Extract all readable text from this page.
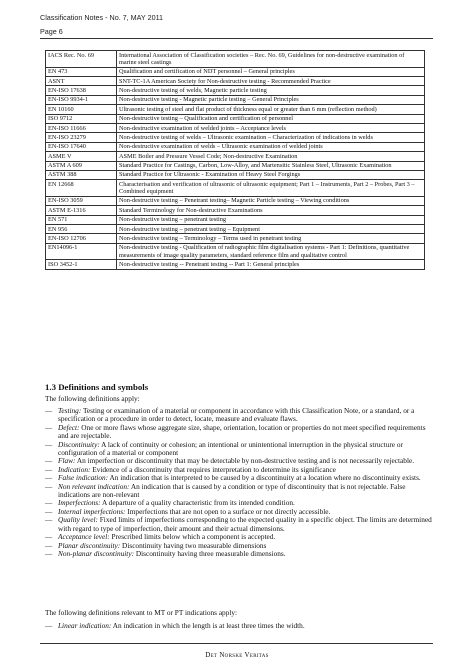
Classification Notes - No. 7, MAY 2011
Page 6
IACS Rec. No. 69	International Association of Classification societies – Rec. No. 69, Guidelines for non-destructive examination of marine steel castings
EN 473	Qualification and certification of NDT personnel – General principles
ASNT	SNT-TC-1A American Society for Non-destructive testing - Recommended Practice
EN-ISO 17638	Non-destructive testing of welds, Magnetic particle testing
EN-ISO 9934-1	Non-destructive testing - Magnetic particle testing – General Principles
EN 10160	Ultrasonic testing of steel and flat product of thickness equal or greater than 6 mm (reflection method)
ISO 9712	Non-destructive testing – Qualification and certification of personnel
EN-ISO 11666	Non-destructive examination of welded joints – Acceptance levels
EN-ISO 23279	Non-destructive testing of welds – Ultrasonic examination – Characterization of indications in welds
EN-ISO 17640	Non-destructive examination of welds – Ultrasonic examination of welded joints
ASME V	ASME Boiler and Pressure Vessel Code; Non-destructive Examination
ASTM A 609	Standard Practice for Castings, Carbon, Low-Alloy, and Martensitic Stainless Steel, Ultrasonic Examination
ASTM 388	Standard Practice for Ultrasonic - Examination of Heavy Steel Forgings
EN 12668	Characterisation and verification of ultrasonic of ultrasonic equipment; Part 1 – Instruments, Part 2 – Probes, Part 3 – Combined equipment
EN-ISO 3059	Non-destructive testing – Penetrant testing– Magnetic Particle testing – Viewing conditions
ASTM E-1316	Standard Terminology for Non-destructive Examinations
EN 571	Non-destructive testing – penetrant testing
EN 956	Non-destructive testing – penetrant testing – Equipment
EN-ISO 12706	Non-destructive testing – Terminology – Terms used in penetrant testing
EN14096-1	Non-destructive testing - Qualification of radiographic film digitalisation systems - Part 1: Definitions, quantitative measurements of image quality parameters, standard reference film and qualitative control
ISO 3452-1	Non-destructive testing -- Penetrant testing -- Part 1: General principles
1.3 Definitions and symbols
The following definitions apply:
— Testing: Testing or examination of a material or component in accordance with this Classification Note, or a standard, or a specification or a procedure in order to detect, locate, measure and evaluate flaws.
— Defect: One or more flaws whose aggregate size, shape, orientation, location or properties do not meet specified requirements and are rejectable.
— Discontinuity: A lack of continuity or cohesion; an intentional or unintentional interruption in the physical structure or configuration of a material or component
— Flaw: An imperfection or discontinuity that may be detectable by non-destructive testing and is not necessarily rejectable.
— Indication: Evidence of a discontinuity that requires interpretation to determine its significance
— False indication: An indication that is interpreted to be caused by a discontinuity at a location where no discontinuity exists.
— Non relevant indication: An indication that is caused by a condition or type of discontinuity that is not rejectable. False indications are non-relevant
— Imperfections: A departure of a quality characteristic from its intended condition.
— Internal imperfections: Imperfections that are not open to a surface or not directly accessible.
— Quality level: Fixed limits of imperfections corresponding to the expected quality in a specific object. The limits are determined with regard to type of imperfection, their amount and their actual dimensions.
— Acceptance level: Prescribed limits below which a component is accepted.
— Planar discontinuity: Discontinuity having two measurable dimensions
— Non-planar discontinuity: Discontinuity having three measurable dimensions.
The following definitions relevant to MT or PT indications apply:
— Linear indication: An indication in which the length is at least three times the width.
Det Norske Veritas
